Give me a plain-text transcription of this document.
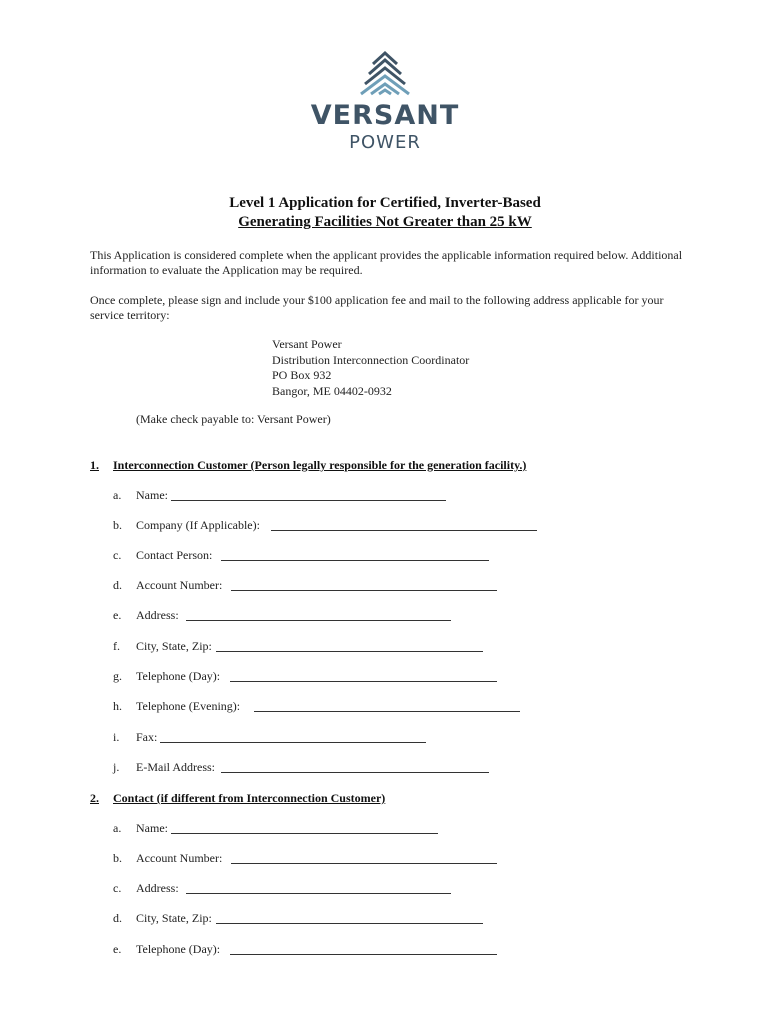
VERSANT
POWER
Level 1 Application for Certified, Inverter-Based
Generating Facilities Not Greater than 25 kW
This Application is considered complete when the applicant provides the applicable information required below. Additional information to evaluate the Application may be required.
Once complete, please sign and include your $100 application fee and mail to the following address applicable for your service territory:
Versant Power
Distribution Interconnection Coordinator
PO Box 932
Bangor, ME 04402-0932
(Make check payable to: Versant Power)
1. Interconnection Customer (Person legally responsible for the generation facility.)
a. Name:
b. Company (If Applicable):
c. Contact Person:
d. Account Number:
e. Address:
f. City, State, Zip:
g. Telephone (Day):
h. Telephone (Evening):
i. Fax:
j. E-Mail Address:
2. Contact (if different from Interconnection Customer)
a. Name:
b. Account Number:
c. Address:
d. City, State, Zip:
e. Telephone (Day):
